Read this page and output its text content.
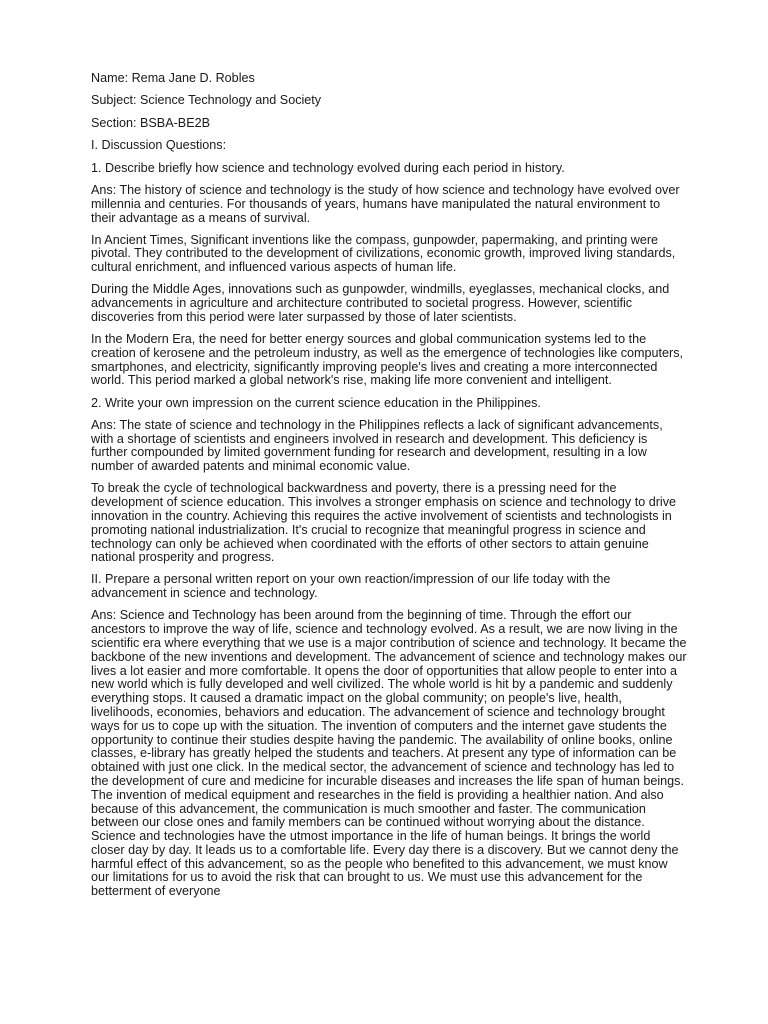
Name: Rema Jane D. Robles

Subject: Science Technology and Society

Section: BSBA-BE2B

I. Discussion Questions:

1. Describe briefly how science and technology evolved during each period in history.

Ans: The history of science and technology is the study of how science and technology have evolved over millennia and centuries. For thousands of years, humans have manipulated the natural environment to their advantage as a means of survival.

In Ancient Times, Significant inventions like the compass, gunpowder, papermaking, and printing were pivotal. They contributed to the development of civilizations, economic growth, improved living standards, cultural enrichment, and influenced various aspects of human life.

During the Middle Ages, innovations such as gunpowder, windmills, eyeglasses, mechanical clocks, and advancements in agriculture and architecture contributed to societal progress. However, scientific discoveries from this period were later surpassed by those of later scientists.

In the Modern Era, the need for better energy sources and global communication systems led to the creation of kerosene and the petroleum industry, as well as the emergence of technologies like computers, smartphones, and electricity, significantly improving people's lives and creating a more interconnected world. This period marked a global network's rise, making life more convenient and intelligent.

2. Write your own impression on the current science education in the Philippines.

Ans: The state of science and technology in the Philippines reflects a lack of significant advancements, with a shortage of scientists and engineers involved in research and development. This deficiency is further compounded by limited government funding for research and development, resulting in a low number of awarded patents and minimal economic value.

To break the cycle of technological backwardness and poverty, there is a pressing need for the development of science education. This involves a stronger emphasis on science and technology to drive innovation in the country. Achieving this requires the active involvement of scientists and technologists in promoting national industrialization. It's crucial to recognize that meaningful progress in science and technology can only be achieved when coordinated with the efforts of other sectors to attain genuine national prosperity and progress.

II. Prepare a personal written report on your own reaction/impression of our life today with the advancement in science and technology.

Ans: Science and Technology has been around from the beginning of time. Through the effort our ancestors to improve the way of life, science and technology evolved. As a result, we are now living in the scientific era where everything that we use is a major contribution of science and technology. It became the backbone of the new inventions and development. The advancement of science and technology makes our lives a lot easier and more comfortable. It opens the door of opportunities that allow people to enter into a new world which is fully developed and well civilized. The whole world is hit by a pandemic and suddenly everything stops. It caused a dramatic impact on the global community; on people's live, health, livelihoods, economies, behaviors and education. The advancement of science and technology brought ways for us to cope up with the situation. The invention of computers and the internet gave students the opportunity to continue their studies despite having the pandemic. The availability of online books, online classes, e-library has greatly helped the students and teachers. At present any type of information can be obtained with just one click. In the medical sector, the advancement of science and technology has led to the development of cure and medicine for incurable diseases and increases the life span of human beings. The invention of medical equipment and researches in the field is providing a healthier nation. And also because of this advancement, the communication is much smoother and faster. The communication between our close ones and family members can be continued without worrying about the distance. Science and technologies have the utmost importance in the life of human beings. It brings the world closer day by day. It leads us to a comfortable life. Every day there is a discovery. But we cannot deny the harmful effect of this advancement, so as the people who benefited to this advancement, we must know our limitations for us to avoid the risk that can brought to us. We must use this advancement for the betterment of everyone
